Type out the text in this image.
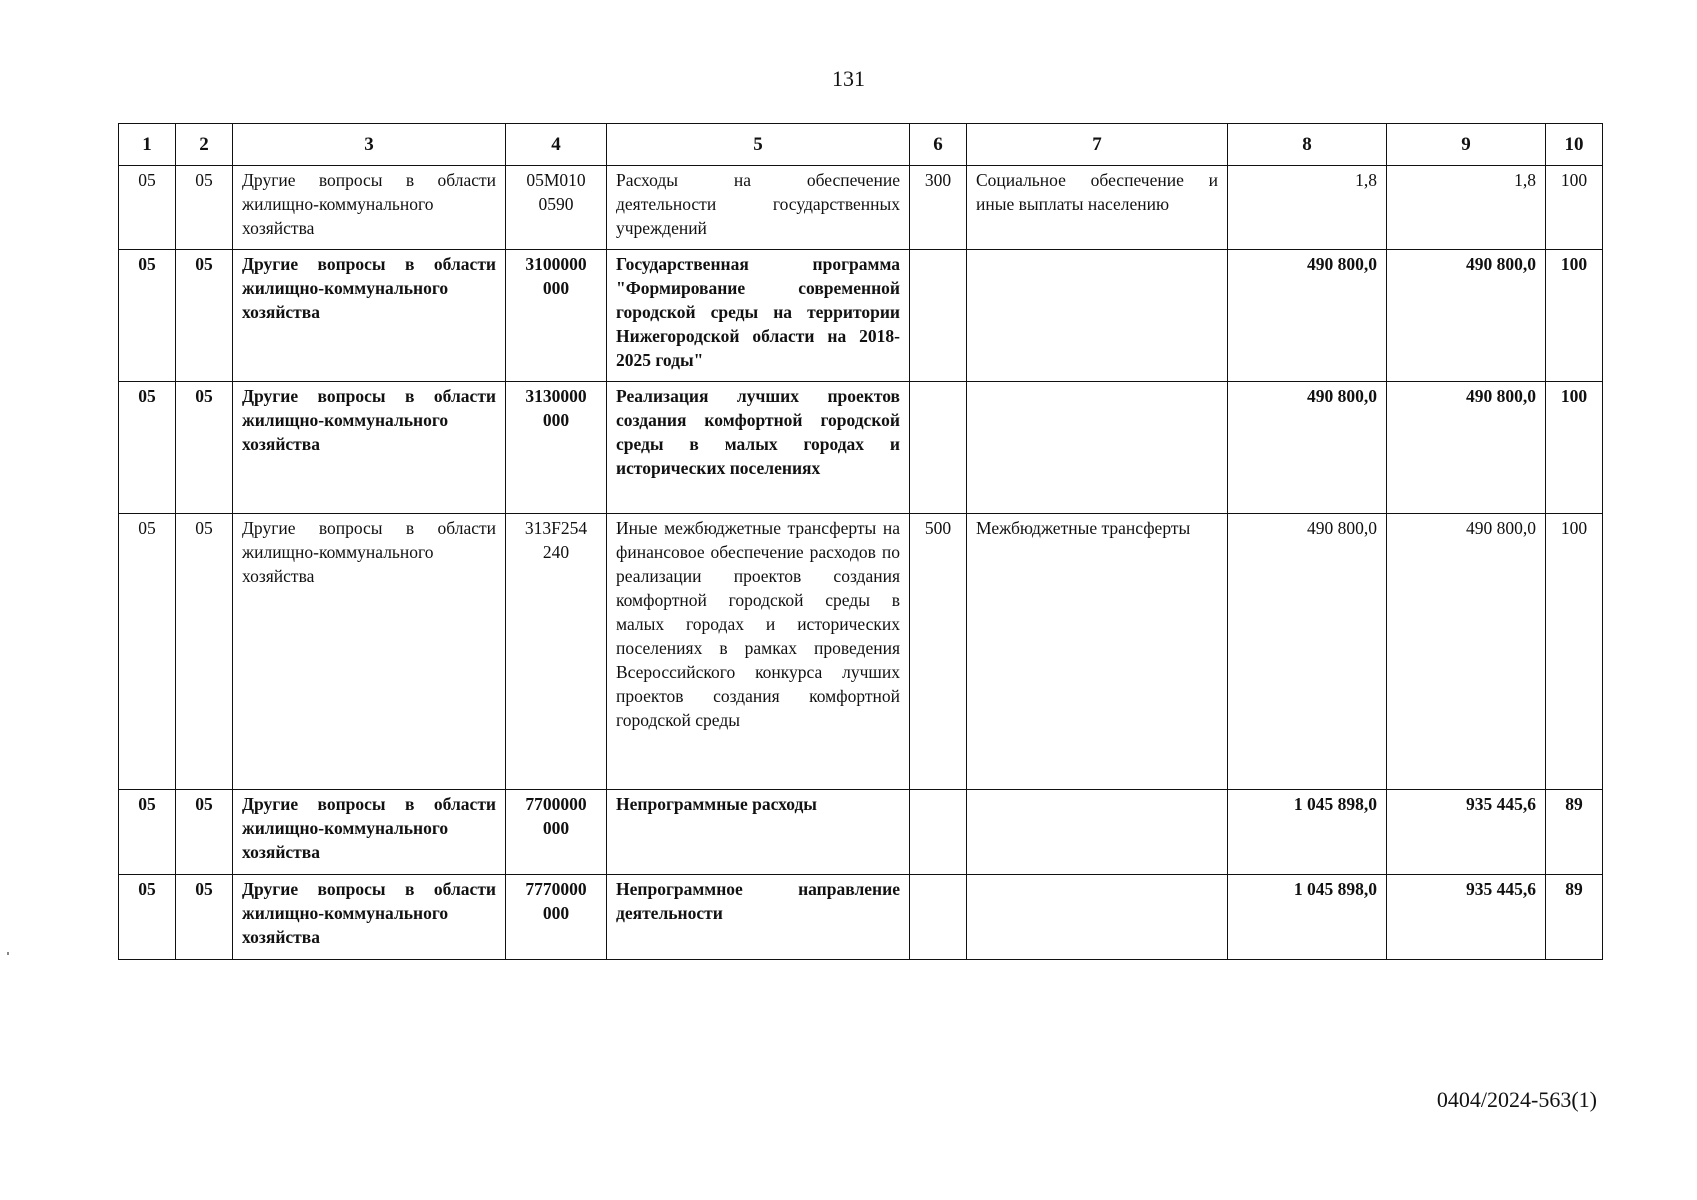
131
1	2	3	4	5	6	7	8	9	10
05	05	Другие вопросы в области жилищно-коммунального хозяйства	05М010 0590	Расходы на обеспечение деятельности государственных учреждений	300	Социальное обеспечение и иные выплаты населению	1,8	1,8	100
05	05	Другие вопросы в области жилищно-коммунального хозяйства	3100000 000	Государственная программа "Формирование современной городской среды на территории Нижегородской области на 2018-2025 годы"			490 800,0	490 800,0	100
05	05	Другие вопросы в области жилищно-коммунального хозяйства	3130000 000	Реализация лучших проектов создания комфортной городской среды в малых городах и исторических поселениях			490 800,0	490 800,0	100
05	05	Другие вопросы в области жилищно-коммунального хозяйства	313F254 240	Иные межбюджетные трансферты на финансовое обеспечение расходов по реализации проектов создания комфортной городской среды в малых городах и исторических поселениях в рамках проведения Всероссийского конкурса лучших проектов создания комфортной городской среды	500	Межбюджетные трансферты	490 800,0	490 800,0	100
05	05	Другие вопросы в области жилищно-коммунального хозяйства	7700000 000	Непрограммные расходы			1 045 898,0	935 445,6	89
05	05	Другие вопросы в области жилищно-коммунального хозяйства	7770000 000	Непрограммное направление деятельности			1 045 898,0	935 445,6	89
0404/2024-563(1)
